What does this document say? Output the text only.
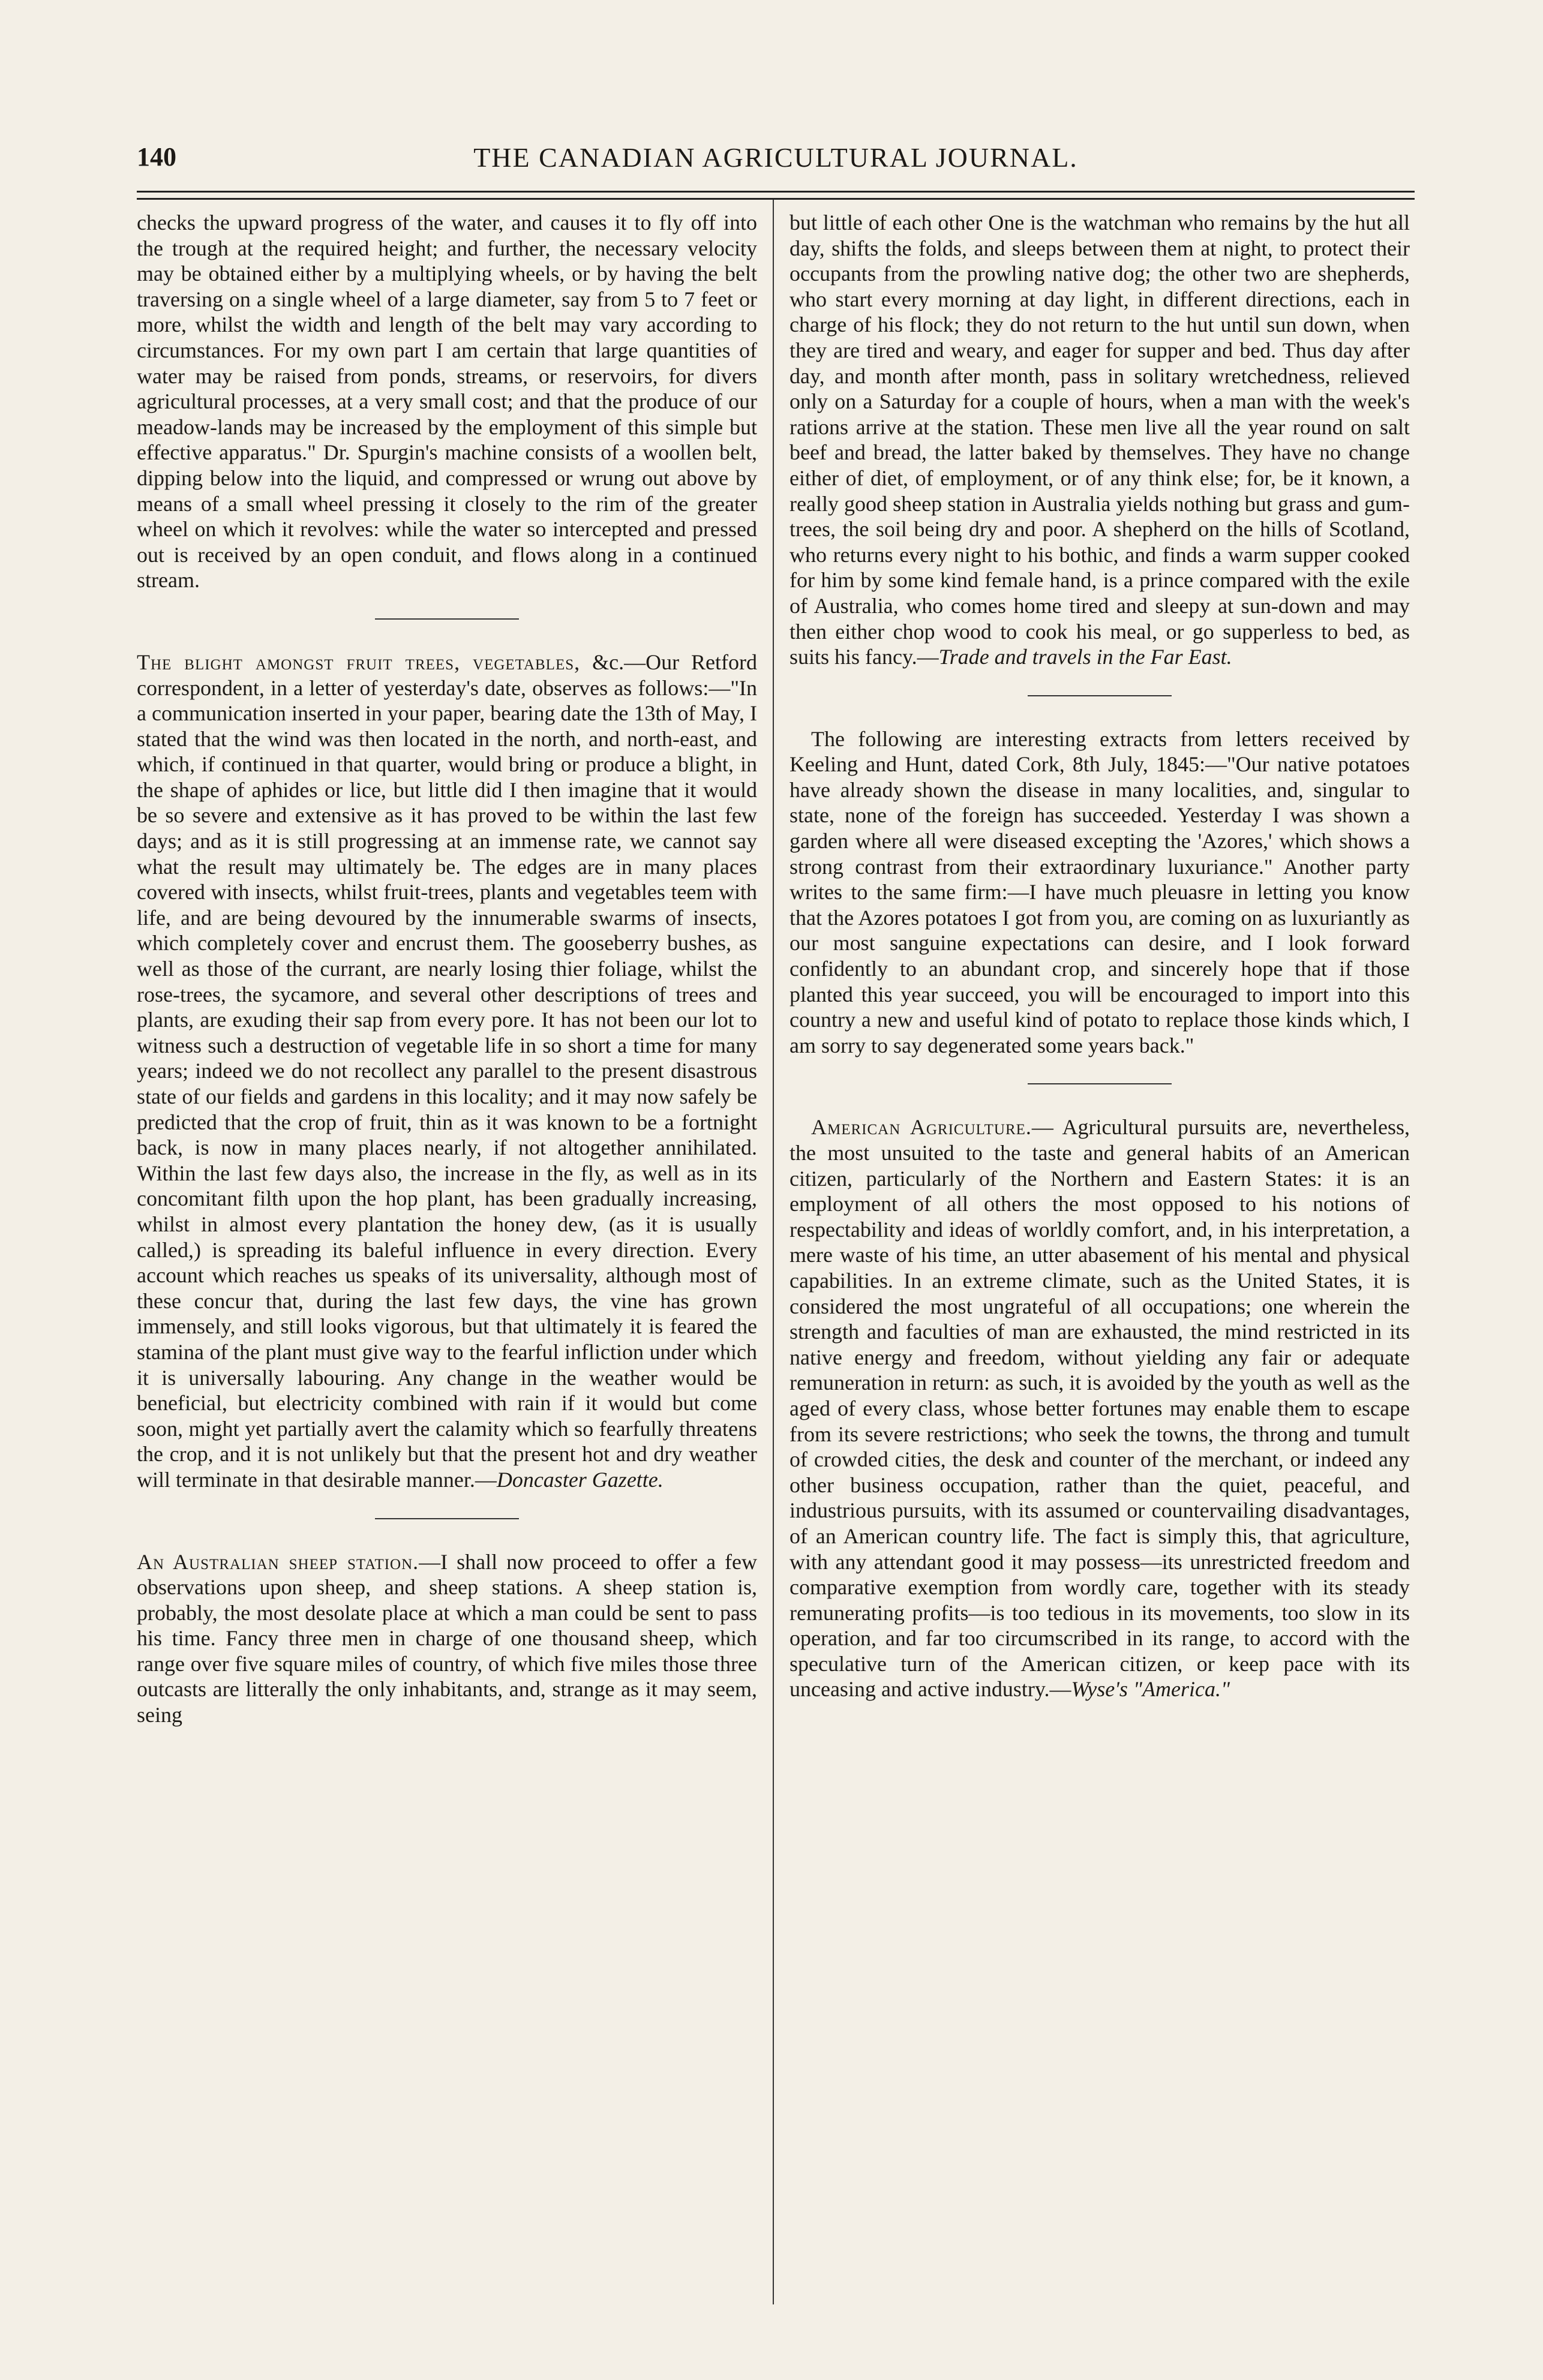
140	THE CANADIAN AGRICULTURAL JOURNAL.

checks the upward progress of the water, and causes it to fly off into the trough at the required height; and further, the necessary velocity may be obtained either by a multiplying wheels, or by having the belt traversing on a single wheel of a large diameter, say from 5 to 7 feet or more, whilst the width and length of the belt may vary according to circumstances. For my own part I am certain that large quantities of water may be raised from ponds, streams, or reservoirs, for divers agricultural processes, at a very small cost; and that the produce of our meadow-lands may be increased by the employment of this simple but effective apparatus." Dr. Spurgin's machine consists of a woollen belt, dipping below into the liquid, and compressed or wrung out above by means of a small wheel pressing it closely to the rim of the greater wheel on which it revolves: while the water so intercepted and pressed out is received by an open conduit, and flows along in a continued stream.

The blight amongst fruit trees, vegetables, &c.—Our Retford correspondent, in a letter of yesterday's date, observes as follows:—"In a communication inserted in your paper, bearing date the 13th of May, I stated that the wind was then located in the north, and north-east, and which, if continued in that quarter, would bring or produce a blight, in the shape of aphides or lice, but little did I then imagine that it would be so severe and extensive as it has proved to be within the last few days; and as it is still progressing at an immense rate, we cannot say what the result may ultimately be. The edges are in many places covered with insects, whilst fruit-trees, plants and vegetables teem with life, and are being devoured by the innumerable swarms of insects, which completely cover and encrust them. The gooseberry bushes, as well as those of the currant, are nearly losing thier foliage, whilst the rose-trees, the sycamore, and several other descriptions of trees and plants, are exuding their sap from every pore. It has not been our lot to witness such a destruction of vegetable life in so short a time for many years; indeed we do not recollect any parallel to the present disastrous state of our fields and gardens in this locality; and it may now safely be predicted that the crop of fruit, thin as it was known to be a fortnight back, is now in many places nearly, if not altogether annihilated. Within the last few days also, the increase in the fly, as well as in its concomitant filth upon the hop plant, has been gradually increasing, whilst in almost every plantation the honey dew, (as it is usually called,) is spreading its baleful influence in every direction. Every account which reaches us speaks of its universality, although most of these concur that, during the last few days, the vine has grown immensely, and still looks vigorous, but that ultimately it is feared the stamina of the plant must give way to the fearful infliction under which it is universally labouring. Any change in the weather would be beneficial, but electricity combined with rain if it would but come soon, might yet partially avert the calamity which so fearfully threatens the crop, and it is not unlikely but that the present hot and dry weather will terminate in that desirable manner.—Doncaster Gazette.

An Australian sheep station.—I shall now proceed to offer a few observations upon sheep, and sheep stations. A sheep station is, probably, the most desolate place at which a man could be sent to pass his time. Fancy three men in charge of one thousand sheep, which range over five square miles of country, of which five miles those three outcasts are litterally the only inhabitants, and, strange as it may seem, seing

but little of each other One is the watchman who remains by the hut all day, shifts the folds, and sleeps between them at night, to protect their occupants from the prowling native dog; the other two are shepherds, who start every morning at day light, in different directions, each in charge of his flock; they do not return to the hut until sun down, when they are tired and weary, and eager for supper and bed. Thus day after day, and month after month, pass in solitary wretchedness, relieved only on a Saturday for a couple of hours, when a man with the week's rations arrive at the station. These men live all the year round on salt beef and bread, the latter baked by themselves. They have no change either of diet, of employment, or of any think else; for, be it known, a really good sheep station in Australia yields nothing but grass and gum-trees, the soil being dry and poor. A shepherd on the hills of Scotland, who returns every night to his bothic, and finds a warm supper cooked for him by some kind female hand, is a prince compared with the exile of Australia, who comes home tired and sleepy at sun-down and may then either chop wood to cook his meal, or go supperless to bed, as suits his fancy.—Trade and travels in the Far East.

The following are interesting extracts from letters received by Keeling and Hunt, dated Cork, 8th July, 1845:—"Our native potatoes have already shown the disease in many localities, and, singular to state, none of the foreign has succeeded. Yesterday I was shown a garden where all were diseased excepting the 'Azores,' which shows a strong contrast from their extraordinary luxuriance." Another party writes to the same firm:—I have much pleuasre in letting you know that the Azores potatoes I got from you, are coming on as luxuriantly as our most sanguine expectations can desire, and I look forward confidently to an abundant crop, and sincerely hope that if those planted this year succeed, you will be encouraged to import into this country a new and useful kind of potato to replace those kinds which, I am sorry to say degenerated some years back."

American Agriculture.— Agricultural pursuits are, nevertheless, the most unsuited to the taste and general habits of an American citizen, particularly of the Northern and Eastern States: it is an employment of all others the most opposed to his notions of respectability and ideas of worldly comfort, and, in his interpretation, a mere waste of his time, an utter abasement of his mental and physical capabilities. In an extreme climate, such as the United States, it is considered the most ungrateful of all occupations; one wherein the strength and faculties of man are exhausted, the mind restricted in its native energy and freedom, without yielding any fair or adequate remuneration in return: as such, it is avoided by the youth as well as the aged of every class, whose better fortunes may enable them to escape from its severe restrictions; who seek the towns, the throng and tumult of crowded cities, the desk and counter of the merchant, or indeed any other business occupation, rather than the quiet, peaceful, and industrious pursuits, with its assumed or countervailing disadvantages, of an American country life. The fact is simply this, that agriculture, with any attendant good it may possess—its unrestricted freedom and comparative exemption from wordly care, together with its steady remunerating profits—is too tedious in its movements, too slow in its operation, and far too circumscribed in its range, to accord with the speculative turn of the American citizen, or keep pace with its unceasing and active industry.—Wyse's "America."
